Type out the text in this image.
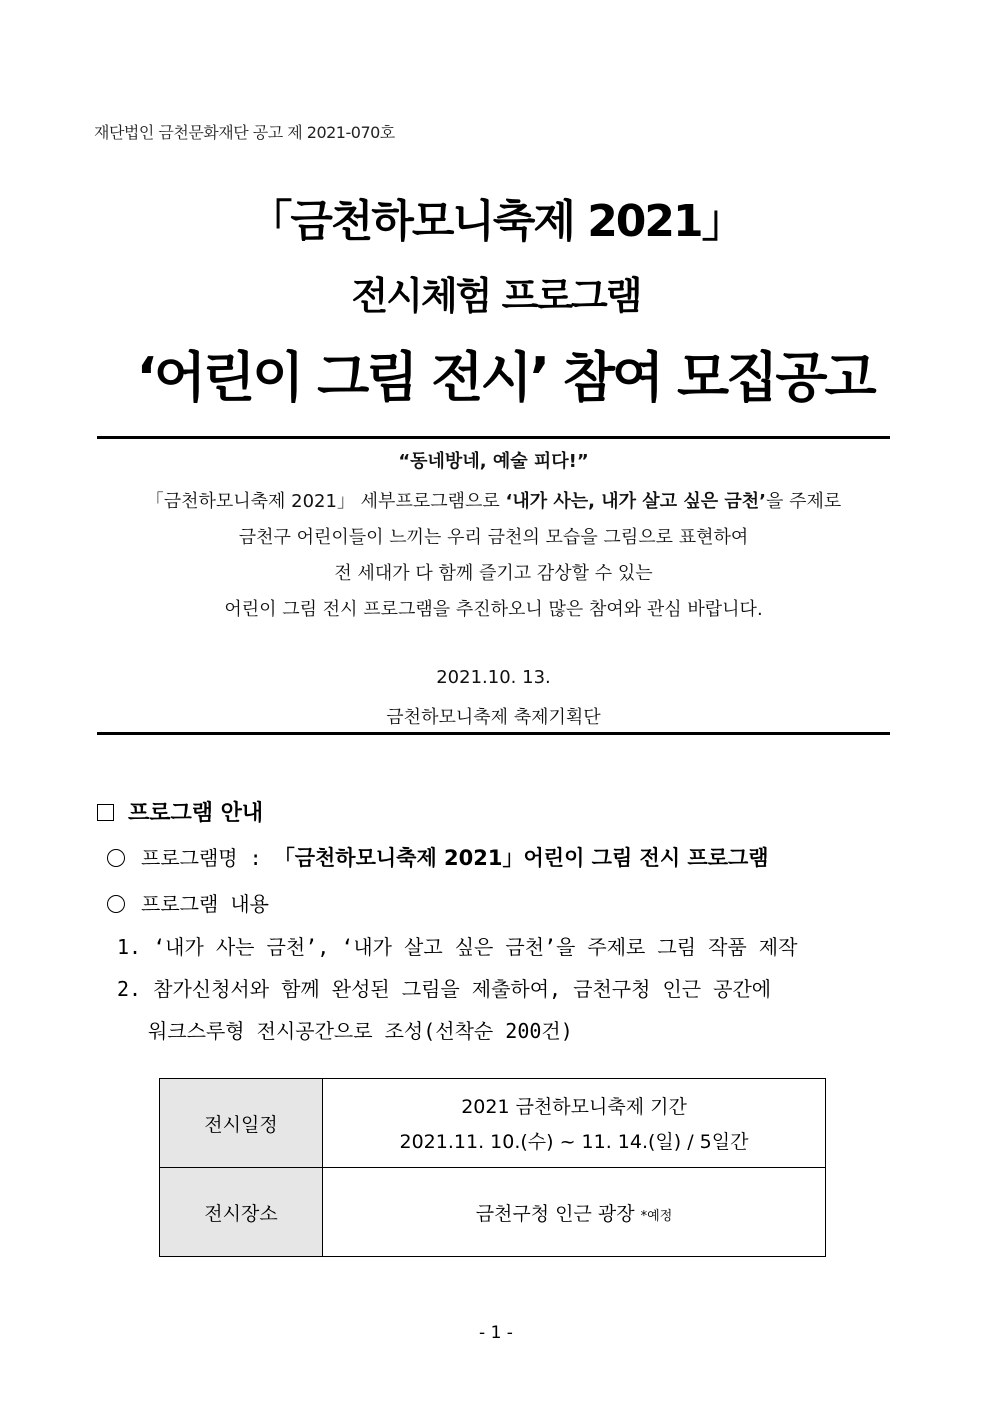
재단법인 금천문화재단 공고 제 2021-070호
「금천하모니축제 2021」
전시체험 프로그램
‘어린이 그림 전시’ 참여 모집공고
“동네방네, 예술 피다!”
「금천하모니축제 2021」 세부프로그램으로 ‘내가 사는, 내가 살고 싶은 금천’을 주제로
금천구 어린이들이 느끼는 우리 금천의 모습을 그림으로 표현하여
전 세대가 다 함께 즐기고 감상할 수 있는
어린이 그림 전시 프로그램을 추진하오니 많은 참여와 관심 바랍니다.
2021.10. 13.
금천하모니축제 축제기획단
프로그램 안내
프로그램명 : 「금천하모니축제 2021」어린이 그림 전시 프로그램
프로그램 내용
1. ‘내가 사는 금천’, ‘내가 살고 싶은 금천’을 주제로 그림 작품 제작
2. 참가신청서와 함께 완성된 그림을 제출하여, 금천구청 인근 공간에
워크스루형 전시공간으로 조성(선착순 200건)
전시일정	2021 금천하모니축제 기간
2021.11. 10.(수) ~ 11. 14.(일) / 5일간

전시장소	금천구청 인근 광장 *예정
- 1 -
